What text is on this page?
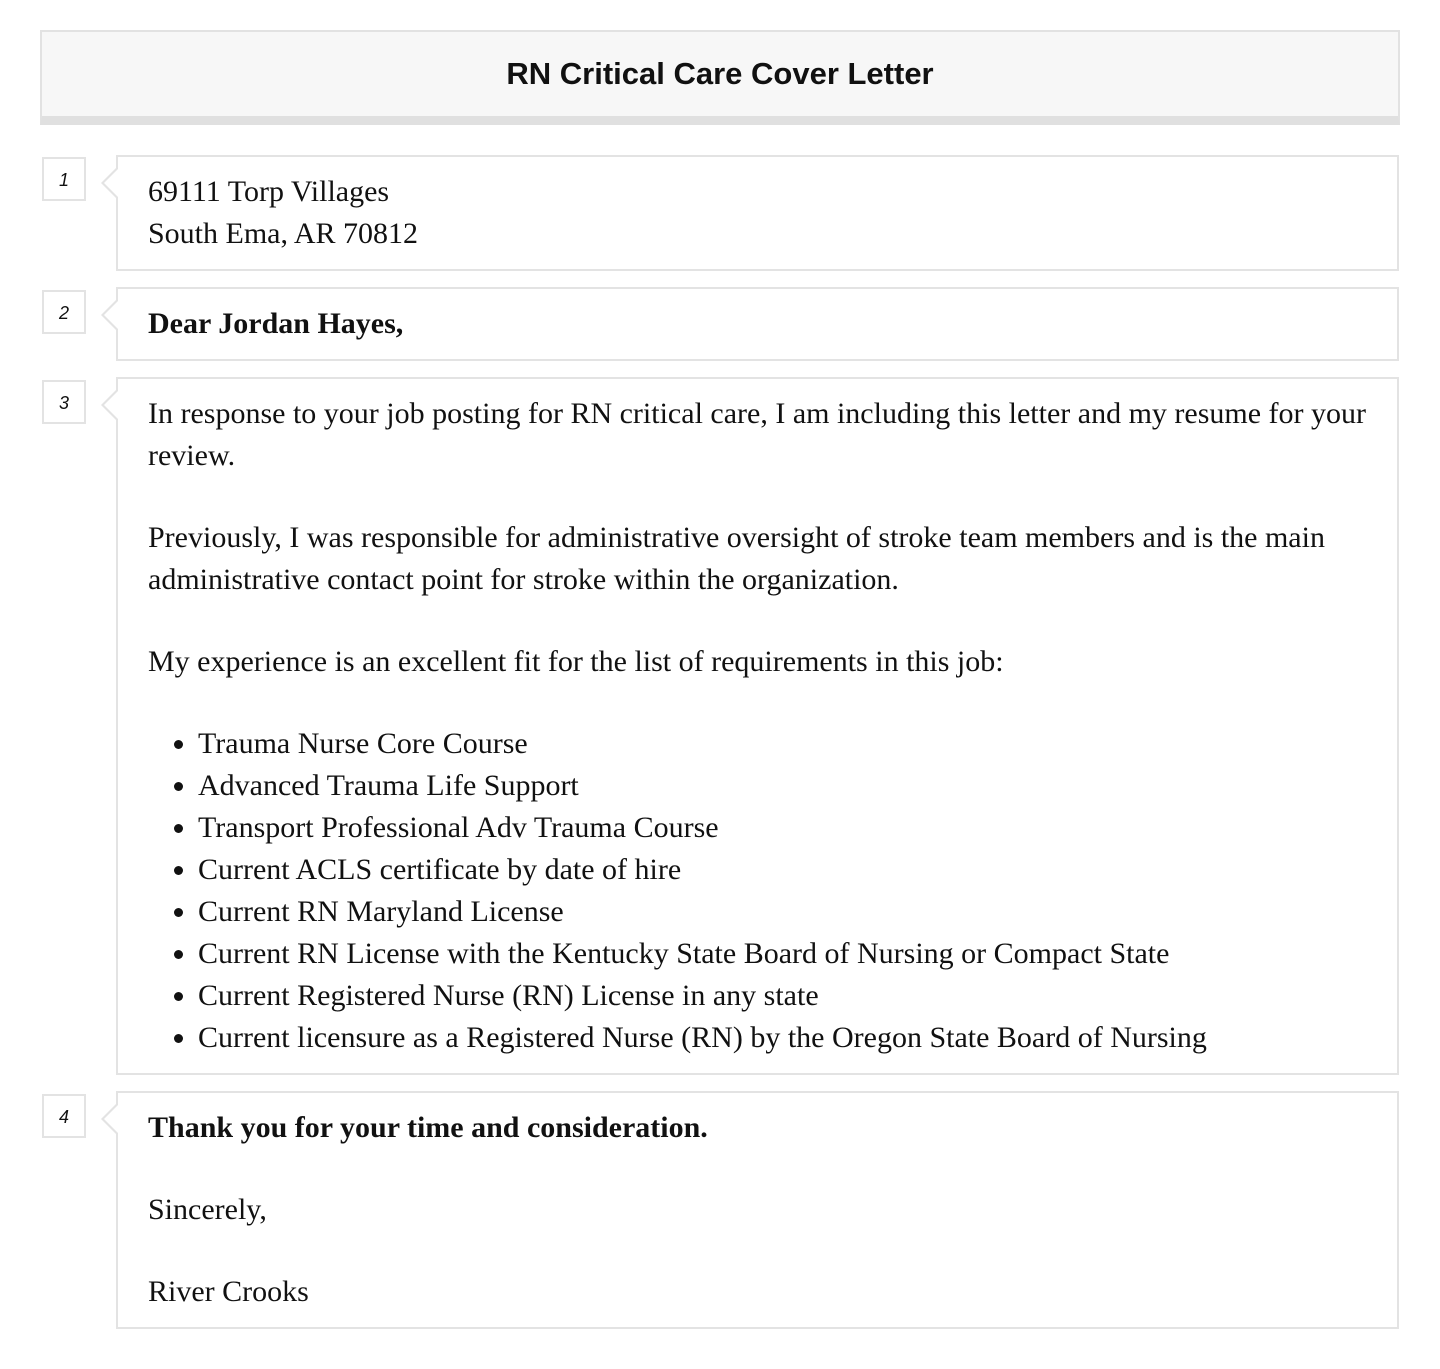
RN Critical Care Cover Letter
1	69111 Torp Villages
South Ema, AR 70812
2	Dear Jordan Hayes,
3	In response to your job posting for RN critical care, I am including this letter and my resume for your review.

Previously, I was responsible for administrative oversight of stroke team members and is the main administrative contact point for stroke within the organization.

My experience is an excellent fit for the list of requirements in this job:

• Trauma Nurse Core Course
• Advanced Trauma Life Support
• Transport Professional Adv Trauma Course
• Current ACLS certificate by date of hire
• Current RN Maryland License
• Current RN License with the Kentucky State Board of Nursing or Compact State
• Current Registered Nurse (RN) License in any state
• Current licensure as a Registered Nurse (RN) by the Oregon State Board of Nursing
4	Thank you for your time and consideration.
Sincerely,
River Crooks
